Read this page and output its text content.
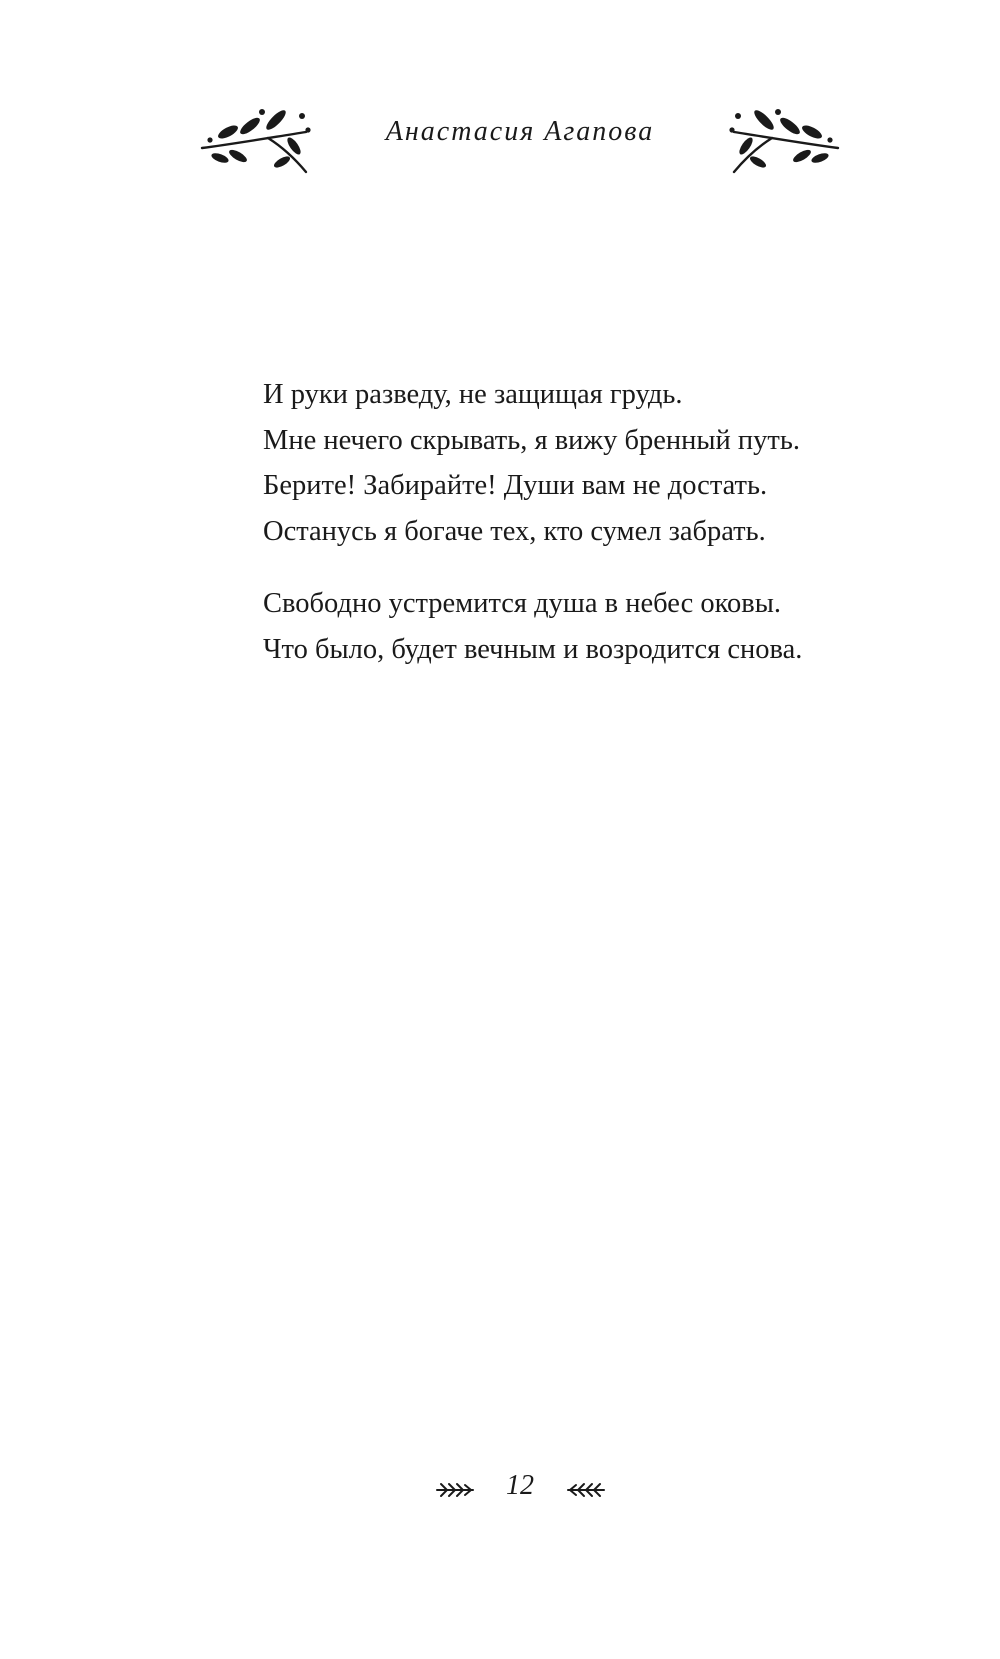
Анастасия Агапова
И руки разведу, не защищая грудь.
Мне нечего скрывать, я вижу бренный путь.
Берите! Забирайте! Души вам не достать.
Останусь я богаче тех, кто сумел забрать.
Свободно устремится душа в небес оковы.
Что было, будет вечным и возродится снова.
12
